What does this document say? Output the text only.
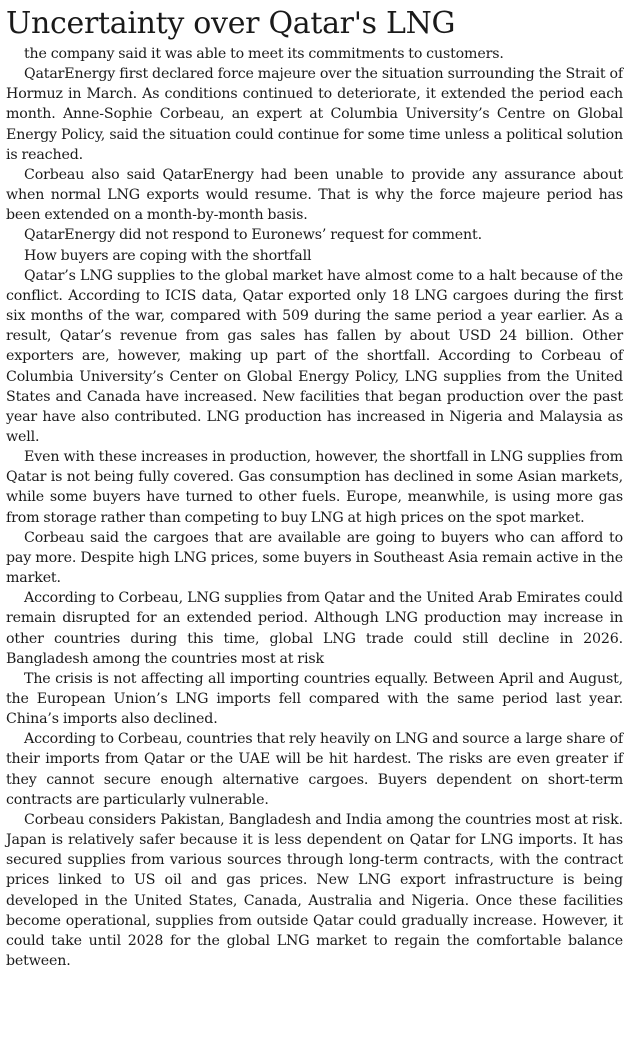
Uncertainty over Qatar's LNG

the company said it was able to meet its commitments to customers.

QatarEnergy first declared force majeure over the situation surrounding the Strait of Hormuz in March. As conditions continued to deteriorate, it extended the period each month. Anne-Sophie Corbeau, an expert at Columbia University’s Centre on Global Energy Policy, said the situation could continue for some time unless a political solution is reached.

Corbeau also said QatarEnergy had been unable to provide any assurance about when normal LNG exports would resume. That is why the force majeure period has been extended on a month-by-month basis.

QatarEnergy did not respond to Euronews’ request for comment.

How buyers are coping with the shortfall

Qatar’s LNG supplies to the global market have almost come to a halt because of the conflict. According to ICIS data, Qatar exported only 18 LNG cargoes during the first six months of the war, compared with 509 during the same period a year earlier. As a result, Qatar’s revenue from gas sales has fallen by about USD 24 billion. Other exporters are, however, making up part of the shortfall. According to Corbeau of Columbia University’s Center on Global Energy Policy, LNG supplies from the United States and Canada have increased. New facilities that began production over the past year have also contributed. LNG production has increased in Nigeria and Malaysia as well.

Even with these increases in production, however, the shortfall in LNG supplies from Qatar is not being fully covered. Gas consumption has declined in some Asian markets, while some buyers have turned to other fuels. Europe, meanwhile, is using more gas from storage rather than competing to buy LNG at high prices on the spot market.

Corbeau said the cargoes that are available are going to buyers who can afford to pay more. Despite high LNG prices, some buyers in Southeast Asia remain active in the market.

According to Corbeau, LNG supplies from Qatar and the United Arab Emirates could remain disrupted for an extended period. Although LNG production may increase in other countries during this time, global LNG trade could still decline in 2026. Bangladesh among the countries most at risk

The crisis is not affecting all importing countries equally. Between April and August, the European Union’s LNG imports fell compared with the same period last year. China’s imports also declined.

According to Corbeau, countries that rely heavily on LNG and source a large share of their imports from Qatar or the UAE will be hit hardest. The risks are even greater if they cannot secure enough alternative cargoes. Buyers dependent on short-term contracts are particularly vulnerable.

Corbeau considers Pakistan, Bangladesh and India among the countries most at risk. Japan is relatively safer because it is less dependent on Qatar for LNG imports. It has secured supplies from various sources through long-term contracts, with the contract prices linked to US oil and gas prices. New LNG export infrastructure is being developed in the United States, Canada, Australia and Nigeria. Once these facilities become operational, supplies from outside Qatar could gradually increase. However, it could take until 2028 for the global LNG market to regain the comfortable balance between.
